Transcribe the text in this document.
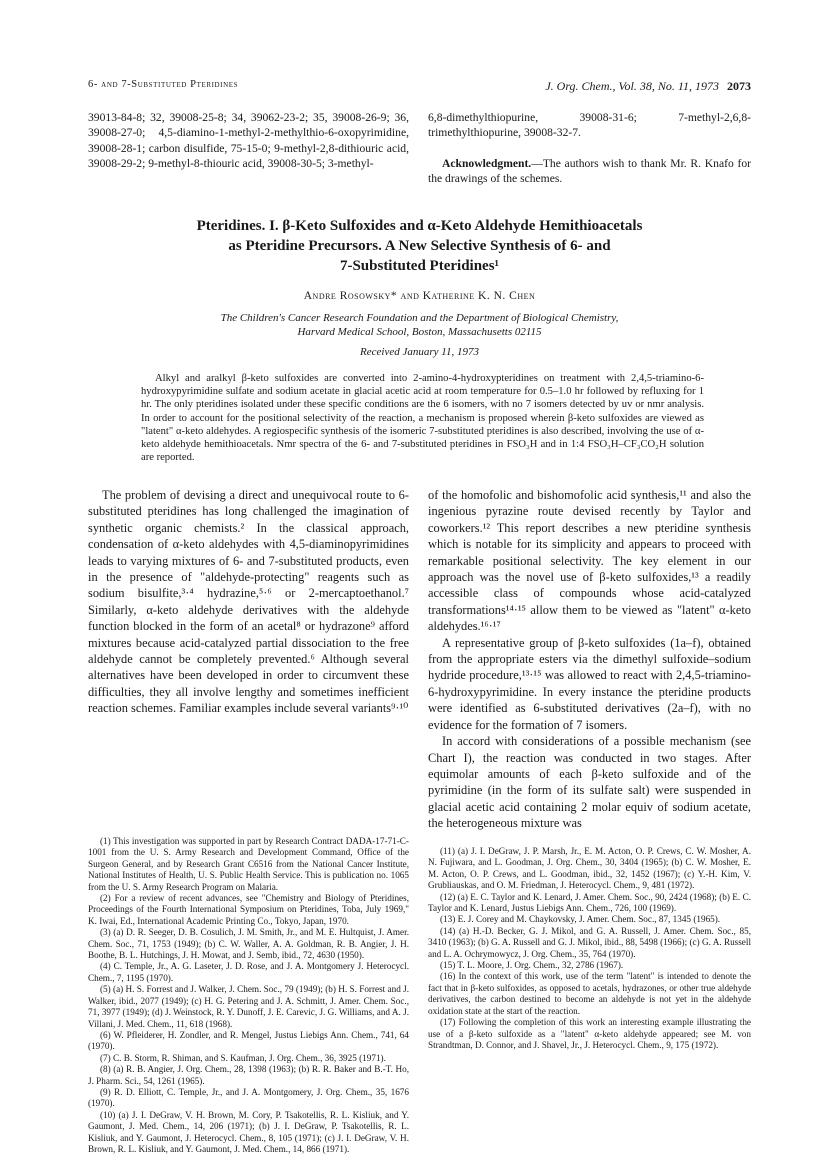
6- and 7-Substituted Pteridines	J. Org. Chem., Vol. 38, No. 11, 1973 2073
39013-84-8; 32, 39008-25-8; 34, 39062-23-2; 35, 39008-26-9; 36, 39008-27-0; 4,5-diamino-1-methyl-2-methylthio-6-oxopyrimidine, 39008-28-1; carbon disulfide, 75-15-0; 9-methyl-2,8-dithiouric acid, 39008-29-2; 9-methyl-8-thiouric acid, 39008-30-5; 3-methyl-
6,8-dimethylthiopurine, 39008-31-6; 7-methyl-2,6,8-trimethylthiopurine, 39008-32-7.
Acknowledgment.—The authors wish to thank Mr. R. Knafo for the drawings of the schemes.
Pteridines. I. β-Keto Sulfoxides and α-Keto Aldehyde Hemithioacetals
as Pteridine Precursors. A New Selective Synthesis of 6- and
7-Substituted Pteridines¹
Andre Rosowsky* and Katherine K. N. Chen
The Children's Cancer Research Foundation and the Department of Biological Chemistry,
Harvard Medical School, Boston, Massachusetts 02115
Received January 11, 1973
Alkyl and aralkyl β-keto sulfoxides are converted into 2-amino-4-hydroxypteridines on treatment with 2,4,5-triamino-6-hydroxypyrimidine sulfate and sodium acetate in glacial acetic acid at room temperature for 0.5–1.0 hr followed by refluxing for 1 hr. The only pteridines isolated under these specific conditions are the 6 isomers, with no 7 isomers detected by uv or nmr analysis. In order to account for the positional selectivity of the reaction, a mechanism is proposed wherein β-keto sulfoxides are viewed as "latent" α-keto aldehydes. A regiospecific synthesis of the isomeric 7-substituted pteridines is also described, involving the use of α-keto aldehyde hemithioacetals. Nmr spectra of the 6- and 7-substituted pteridines in FSO₃H and in 1:4 FSO₃H–CF₃CO₂H solution are reported.

The problem of devising a direct and unequivocal route to 6-substituted pteridines has long challenged the imagination of synthetic organic chemists.² In the classical approach, condensation of α-keto aldehydes with 4,5-diaminopyrimidines leads to varying mixtures of 6- and 7-substituted products, even in the presence of "aldehyde-protecting" reagents such as sodium bisulfite,³·⁴ hydrazine,⁵·⁶ or 2-mercaptoethanol.⁷ Similarly, α-keto aldehyde derivatives with the aldehyde function blocked in the form of an acetal⁸ or hydrazone⁹ afford mixtures because acid-catalyzed partial dissociation to the free aldehyde cannot be completely prevented.⁶ Although several alternatives have been developed in order to circumvent these difficulties, they all involve lengthy and sometimes inefficient reaction schemes. Familiar examples include several variants⁹·¹⁰

of the homofolic and bishomofolic acid synthesis,¹¹ and also the ingenious pyrazine route devised recently by Taylor and coworkers.¹² This report describes a new pteridine synthesis which is notable for its simplicity and appears to proceed with remarkable positional selectivity. The key element in our approach was the novel use of β-keto sulfoxides,¹³ a readily accessible class of compounds whose acid-catalyzed transformations¹⁴·¹⁵ allow them to be viewed as "latent" α-keto aldehydes.¹⁶·¹⁷

A representative group of β-keto sulfoxides (1a–f), obtained from the appropriate esters via the dimethyl sulfoxide–sodium hydride procedure,¹³·¹⁵ was allowed to react with 2,4,5-triamino-6-hydroxypyrimidine. In every instance the pteridine products were identified as 6-substituted derivatives (2a–f), with no evidence for the formation of 7 isomers.

In accord with considerations of a possible mechanism (see Chart I), the reaction was conducted in two stages. After equimolar amounts of each β-keto sulfoxide and of the pyrimidine (in the form of its sulfate salt) were suspended in glacial acetic acid containing 2 molar equiv of sodium acetate, the heterogeneous mixture was

(1) This investigation was supported in part by Research Contract DADA-17-71-C-1001 from the U. S. Army Research and Development Command, Office of the Surgeon General, and by Research Grant C6516 from the National Cancer Institute, National Institutes of Health, U. S. Public Health Service. This is publication no. 1065 from the U. S. Army Research Program on Malaria.
(2) For a review of recent advances, see "Chemistry and Biology of Pteridines, Proceedings of the Fourth International Symposium on Pteridines, Toba, July 1969," K. Iwai, Ed., International Academic Printing Co., Tokyo, Japan, 1970.
(3) (a) D. R. Seeger, D. B. Cosulich, J. M. Smith, Jr., and M. E. Hultquist, J. Amer. Chem. Soc., 71, 1753 (1949); (b) C. W. Waller, A. A. Goldman, R. B. Angier, J. H. Boothe, B. L. Hutchings, J. H. Mowat, and J. Semb, ibid., 72, 4630 (1950).
(4) C. Temple, Jr., A. G. Laseter, J. D. Rose, and J. A. Montgomery J. Heterocycl. Chem., 7, 1195 (1970).
(5) (a) H. S. Forrest and J. Walker, J. Chem. Soc., 79 (1949); (b) H. S. Forrest and J. Walker, ibid., 2077 (1949); (c) H. G. Petering and J. A. Schmitt, J. Amer. Chem. Soc., 71, 3977 (1949); (d) J. Weinstock, R. Y. Dunoff, J. E. Carevic, J. G. Williams, and A. J. Villani, J. Med. Chem., 11, 618 (1968).
(6) W. Pfleiderer, H. Zondler, and R. Mengel, Justus Liebigs Ann. Chem., 741, 64 (1970).
(7) C. B. Storm, R. Shiman, and S. Kaufman, J. Org. Chem., 36, 3925 (1971).
(8) (a) R. B. Angier, J. Org. Chem., 28, 1398 (1963); (b) R. R. Baker and B.-T. Ho, J. Pharm. Sci., 54, 1261 (1965).
(9) R. D. Elliott, C. Temple, Jr., and J. A. Montgomery, J. Org. Chem., 35, 1676 (1970).
(10) (a) J. I. DeGraw, V. H. Brown, M. Cory, P. Tsakotellis, R. L. Kisliuk, and Y. Gaumont, J. Med. Chem., 14, 206 (1971); (b) J. I. DeGraw, P. Tsakotellis, R. L. Kisliuk, and Y. Gaumont, J. Heterocycl. Chem., 8, 105 (1971); (c) J. I. DeGraw, V. H. Brown, R. L. Kisliuk, and Y. Gaumont, J. Med. Chem., 14, 866 (1971).
(11) (a) J. I. DeGraw, J. P. Marsh, Jr., E. M. Acton, O. P. Crews, C. W. Mosher, A. N. Fujiwara, and L. Goodman, J. Org. Chem., 30, 3404 (1965); (b) C. W. Mosher, E. M. Acton, O. P. Crews, and L. Goodman, ibid., 32, 1452 (1967); (c) Y.-H. Kim, V. Grubliauskas, and O. M. Friedman, J. Heterocycl. Chem., 9, 481 (1972).
(12) (a) E. C. Taylor and K. Lenard, J. Amer. Chem. Soc., 90, 2424 (1968); (b) E. C. Taylor and K. Lenard, Justus Liebigs Ann. Chem., 726, 100 (1969).
(13) E. J. Corey and M. Chaykovsky, J. Amer. Chem. Soc., 87, 1345 (1965).
(14) (a) H.-D. Becker, G. J. Mikol, and G. A. Russell, J. Amer. Chem. Soc., 85, 3410 (1963); (b) G. A. Russell and G. J. Mikol, ibid., 88, 5498 (1966); (c) G. A. Russell and L. A. Ochrymowycz, J. Org. Chem., 35, 764 (1970).
(15) T. L. Moore, J. Org. Chem., 32, 2786 (1967).
(16) In the context of this work, use of the term "latent" is intended to denote the fact that in β-keto sulfoxides, as opposed to acetals, hydrazones, or other true aldehyde derivatives, the carbon destined to become an aldehyde is not yet in the aldehyde oxidation state at the start of the reaction.
(17) Following the completion of this work an interesting example illustrating the use of a β-keto sulfoxide as a "latent" α-keto aldehyde appeared; see M. von Strandtman, D. Connor, and J. Shavel, Jr., J. Heterocycl. Chem., 9, 175 (1972).
